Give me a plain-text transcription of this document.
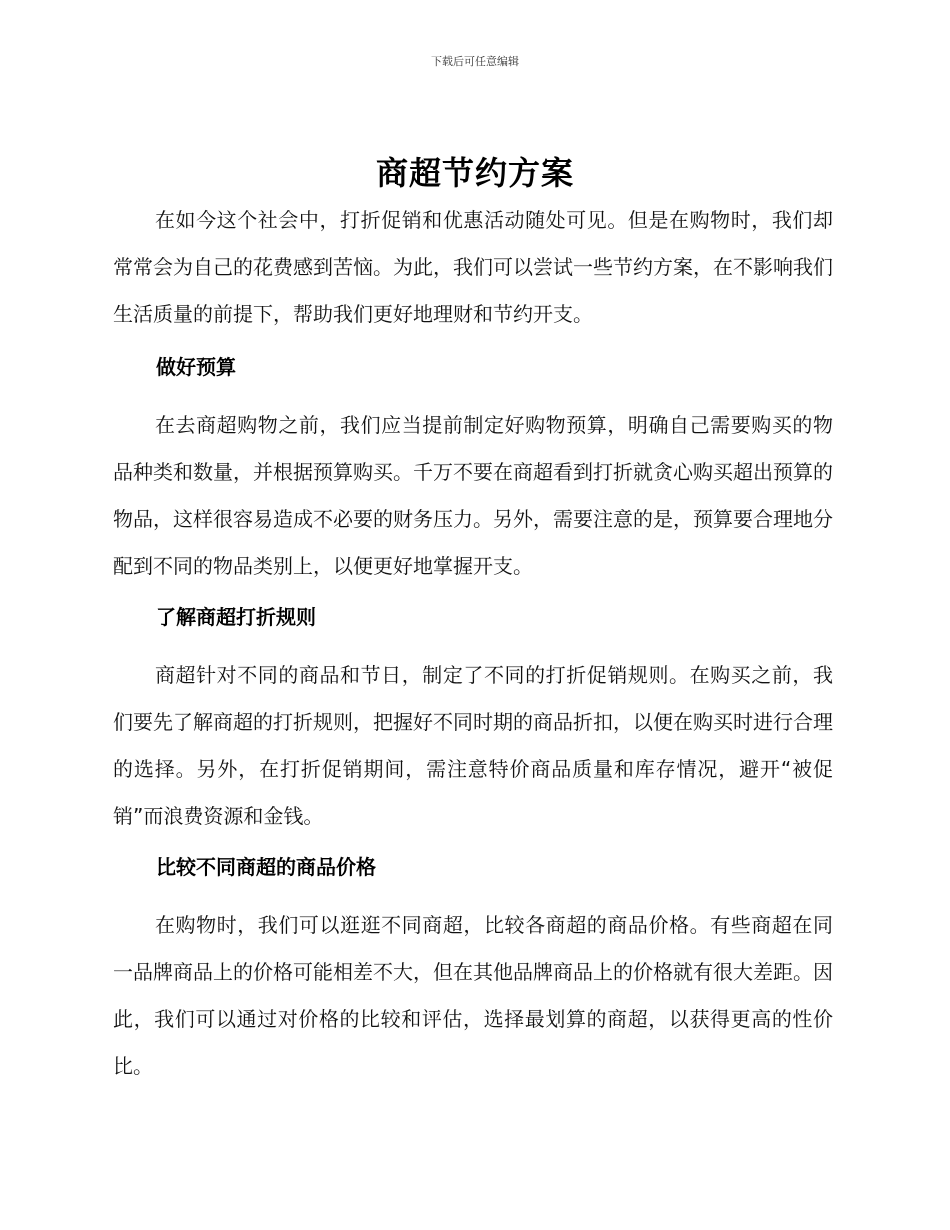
下载后可任意编辑
商超节约方案

在如今这个社会中，打折促销和优惠活动随处可见。但是在购物时，我们却常常会为自己的花费感到苦恼。为此，我们可以尝试一些节约方案，在不影响我们生活质量的前提下，帮助我们更好地理财和节约开支。

做好预算

在去商超购物之前，我们应当提前制定好购物预算，明确自己需要购买的物品种类和数量，并根据预算购买。千万不要在商超看到打折就贪心购买超出预算的物品，这样很容易造成不必要的财务压力。另外，需要注意的是，预算要合理地分配到不同的物品类别上，以便更好地掌握开支。

了解商超打折规则

商超针对不同的商品和节日，制定了不同的打折促销规则。在购买之前，我们要先了解商超的打折规则，把握好不同时期的商品折扣，以便在购买时进行合理的选择。另外，在打折促销期间，需注意特价商品质量和库存情况，避开“被促销”而浪费资源和金钱。

比较不同商超的商品价格

在购物时，我们可以逛逛不同商超，比较各商超的商品价格。有些商超在同一品牌商品上的价格可能相差不大，但在其他品牌商品上的价格就有很大差距。因此，我们可以通过对价格的比较和评估，选择最划算的商超，以获得更高的性价比。
